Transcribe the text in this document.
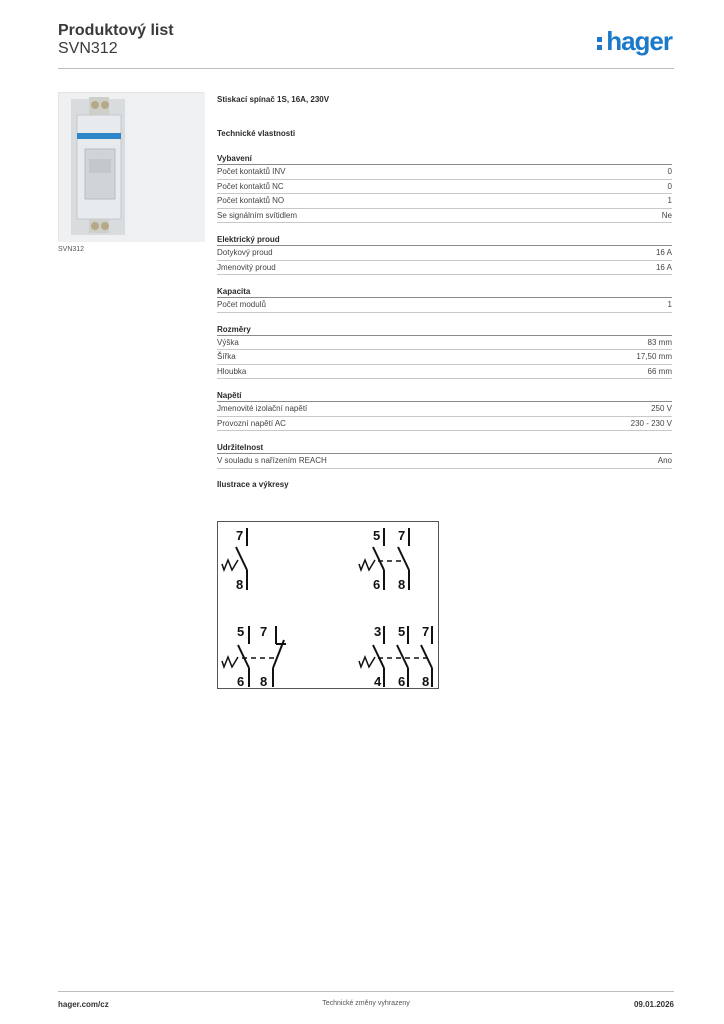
Produktový list
SVN312	hager
SVN312
Stiskací spínač 1S, 16A, 230V
Technické vlastnosti
Vybavení
Počet kontaktů INV	0
Počet kontaktů NC	0
Počet kontaktů NO	1
Se signálním svítidlem	Ne
Elektrický proud
Dotykový proud	16 A
Jmenovitý proud	16 A
Kapacita
Počet modulů	1
Rozměry
Výška	83 mm
Šířka	17,50 mm
Hloubka	66 mm
Napětí
Jmenovité izolační napětí	250 V
Provozní napětí AC	230 - 230 V
Udržitelnost
V souladu s nařízením REACH	Ano
Ilustrace a výkresy
7
8
5 7
6 8
5 7
6 8
3 5 7
4 6 8
hager.com/cz	Technické změny vyhrazeny	09.01.2026
